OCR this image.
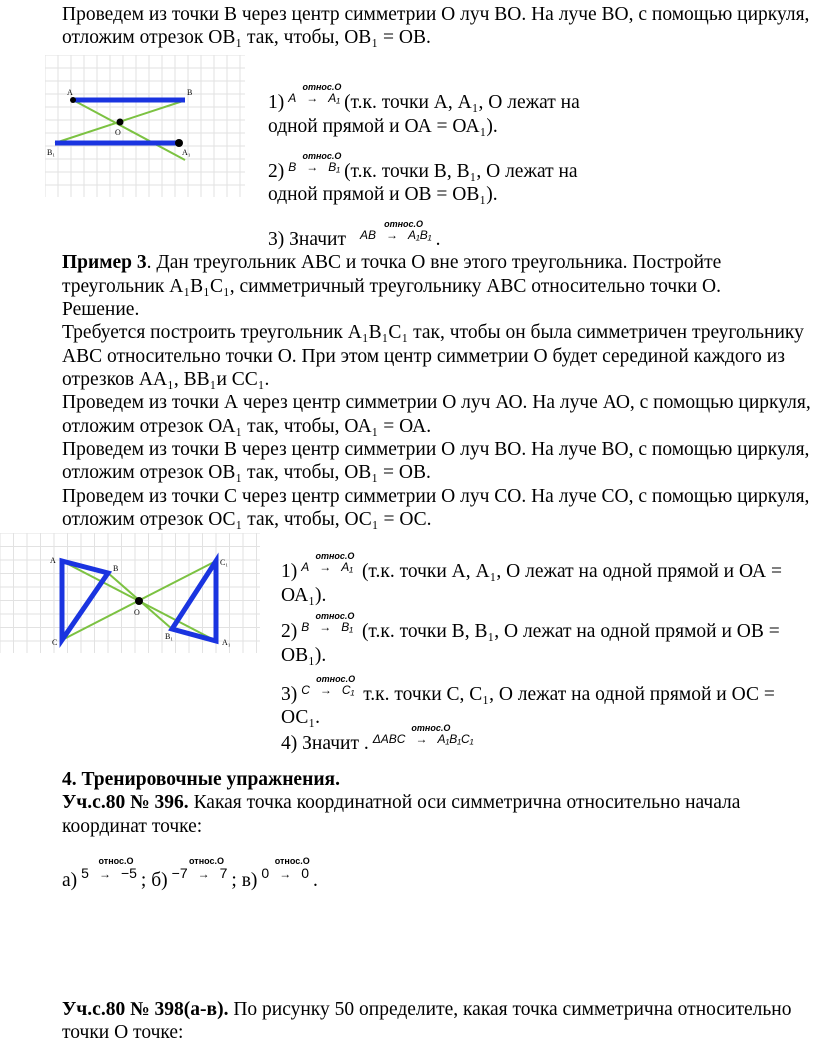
Проведем из точки В через центр симметрии О луч ВО. На луче ВО, с помощью циркуля,
отложим отрезок ОВ₁ так, чтобы, ОВ₁ = ОВ.
A	B
B₁	A₁
O
1)
относ.О
A → A₁ (т.к. точки А, А₁, О лежат на
одной прямой и ОА = ОА₁).
2)
относ.О
B → B₁ (т.к. точки В, В₁, О лежат на
одной прямой и ОВ = ОВ₁).
3) Значит
относ.О
AB → A₁B₁ .
Пример 3. Дан треугольник АВС и точка О вне этого треугольника. Постройте
треугольник А₁В₁С₁, симметричный треугольнику АВС относительно точки О.
Решение.
Требуется построить треугольник А₁В₁С₁ так, чтобы он была симметричен треугольнику
АВС относительно точки О. При этом центр симметрии О будет серединой каждого из
отрезков АА₁, ВВ₁и СС₁.
Проведем из точки А через центр симметрии О луч АО. На луче АО, с помощью циркуля,
отложим отрезок ОА₁ так, чтобы, ОА₁ = ОА.
Проведем из точки В через центр симметрии О луч ВО. На луче ВО, с помощью циркуля,
отложим отрезок ОВ₁ так, чтобы, ОВ₁ = ОВ.
Проведем из точки С через центр симметрии О луч СО. На луче СО, с помощью циркуля,
отложим отрезок ОС₁ так, чтобы, ОС₁ = ОС.
A
B
C
O
B₁
A₁
C₁	1)
относ.О
A → A₁ (т.к. точки А, А₁, О лежат на одной прямой и ОА =
ОА₁).
2)
относ.О
B → B₁ (т.к. точки В, В₁, О лежат на одной прямой и ОВ =
ОВ₁).
3)
относ.О
C → C₁ т.к. точки С, С₁, О лежат на одной прямой и ОС =
ОС₁.
4) Значит .
относ.О
ΔABC → A₁B₁C₁
4. Тренировочные упражнения.
Уч.с.80 № 396. Какая точка координатной оси симметрична относительно начала
координат точке:
а)
относ.О
5 → −5 ; б)
относ.О
−7 → 7 ; в)
относ.О
0 → 0 .
Уч.с.80 № 398(а-в). По рисунку 50 определите, какая точка симметрична относительно
точки О точке:
